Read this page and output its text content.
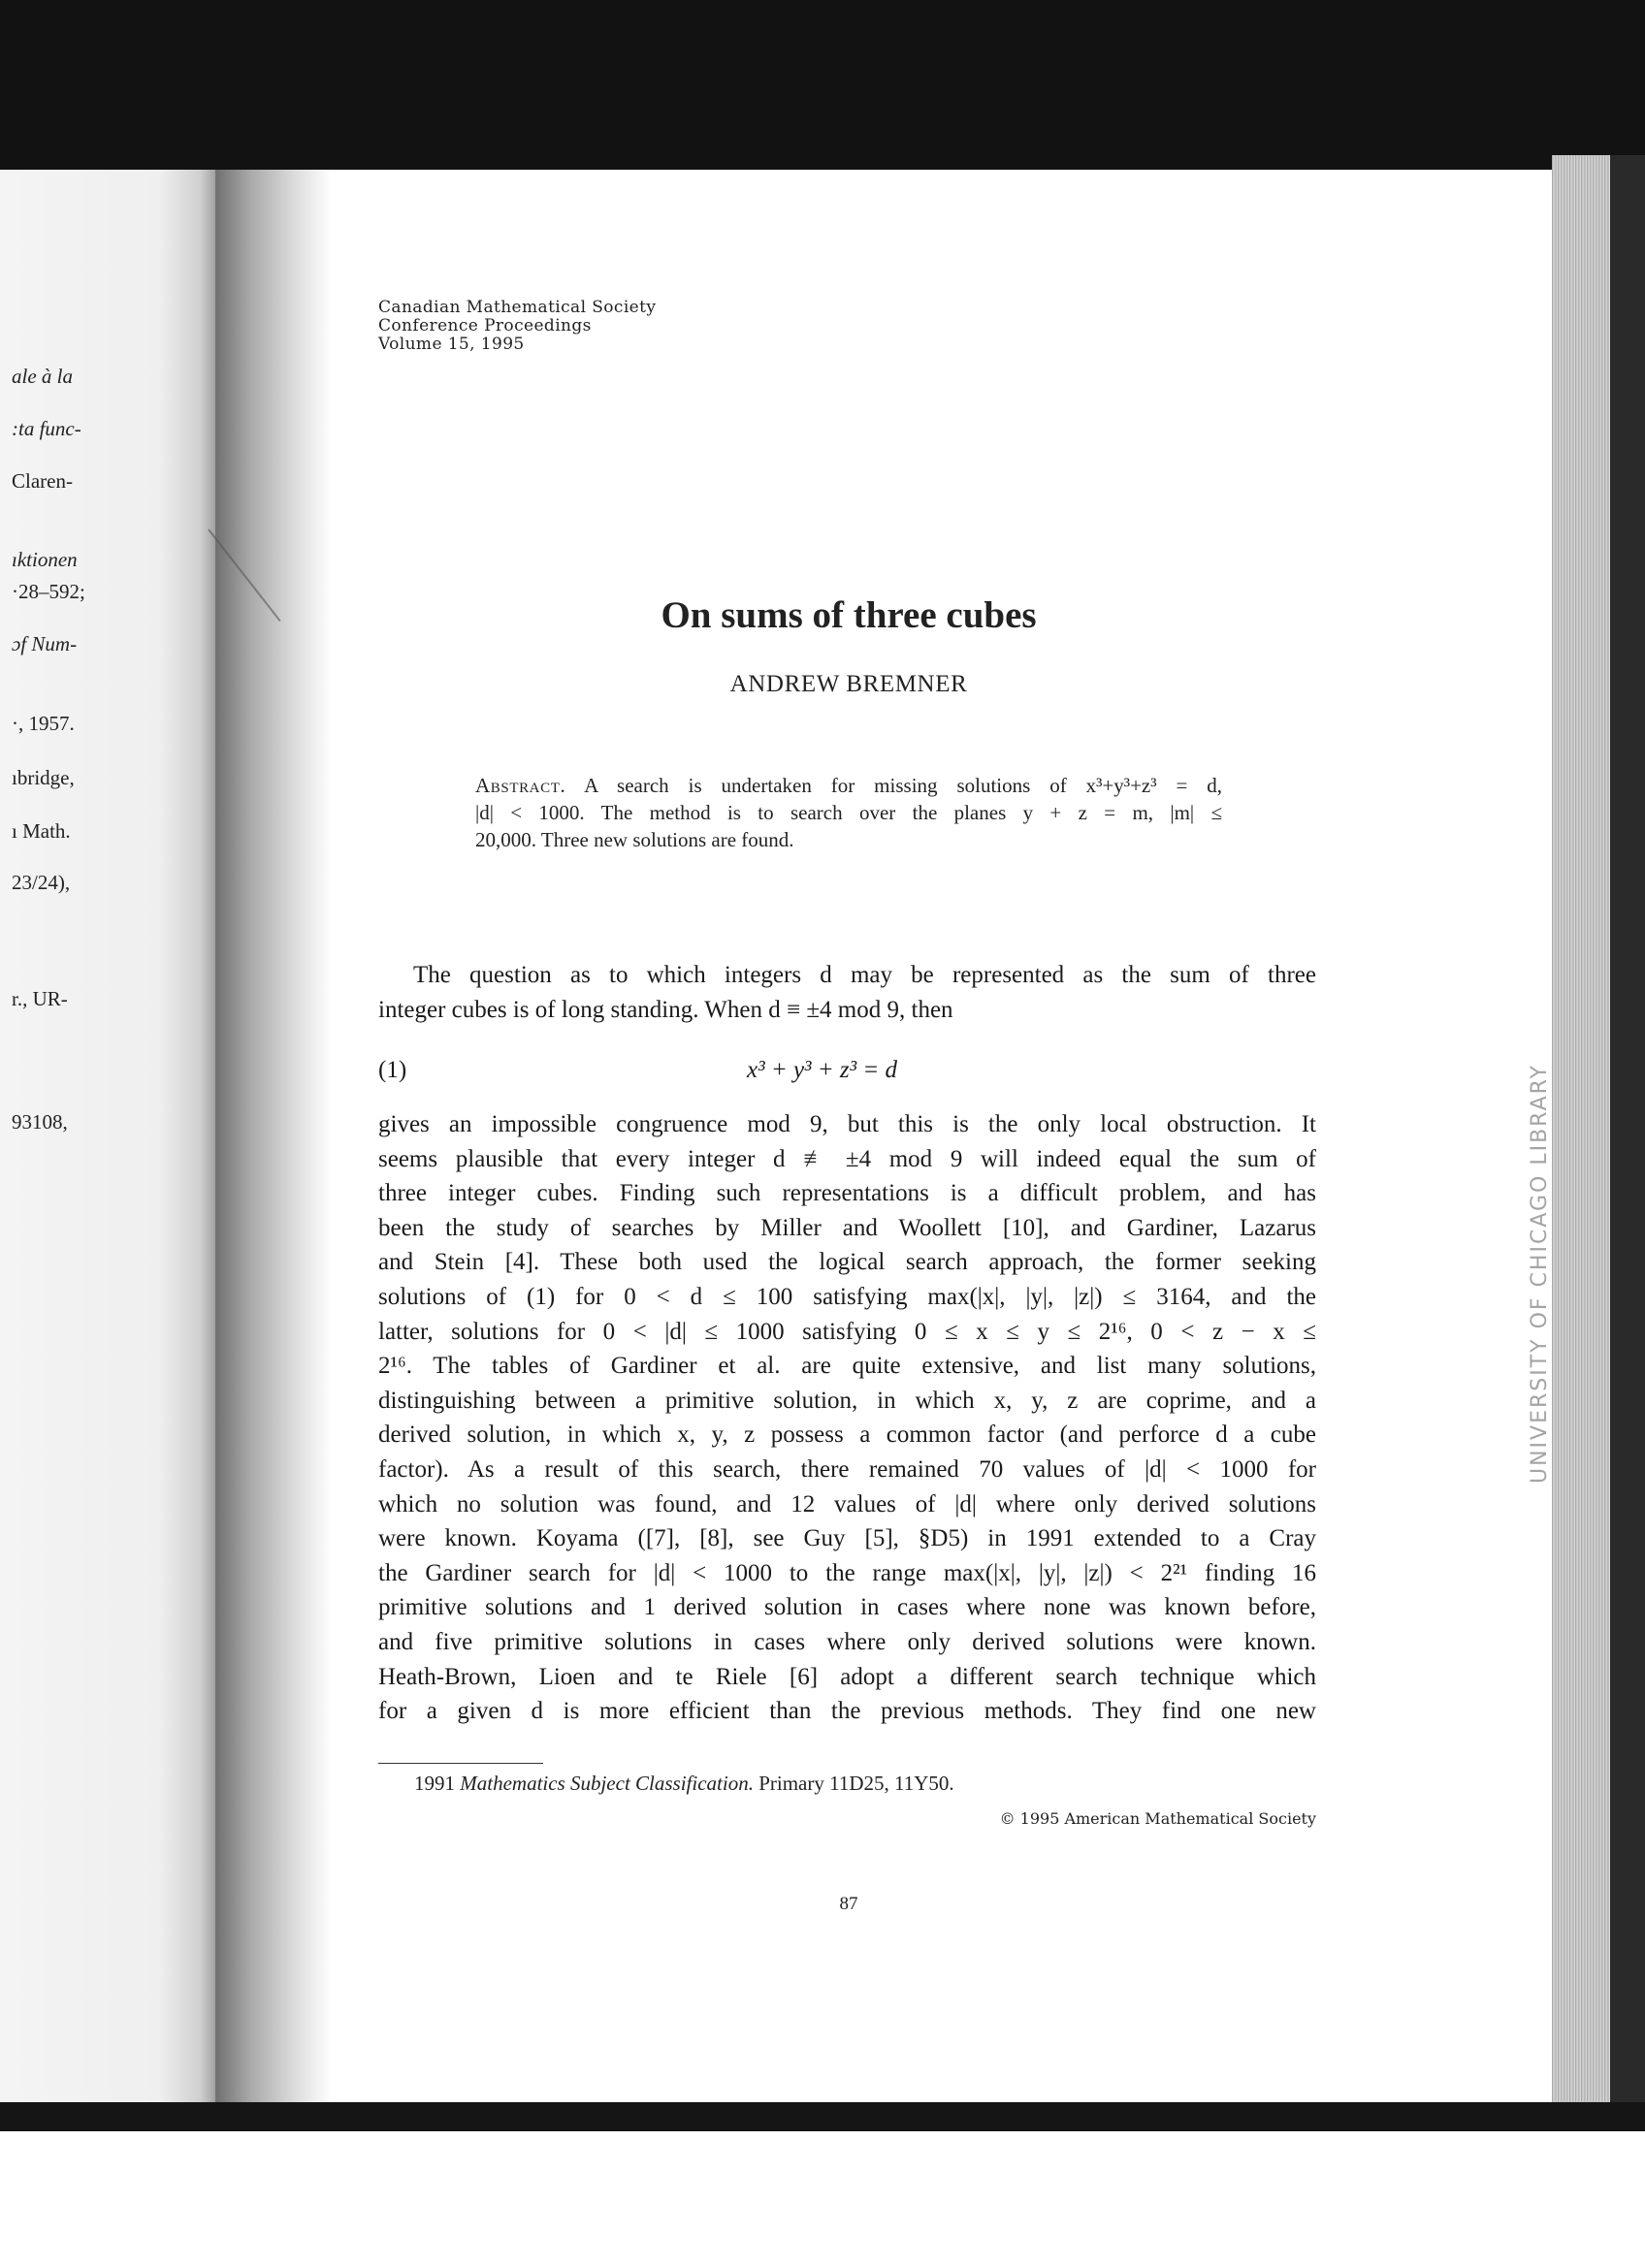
UNIVERSITY OF CHICAGO LIBRARY
ale à la
:ta func-
Claren-
ıktionen
·28–592;
ɔf Num-
·, 1957.
ıbridge,
ı Math.
23/24),
r., UR-
93108,
Canadian Mathematical Society
Conference Proceedings
Volume 15, 1995
On sums of three cubes
ANDREW BREMNER
Abstract. A search is undertaken for missing solutions of x³+y³+z³ = d,
|d| < 1000. The method is to search over the planes y + z = m, |m| ≤
20,000. Three new solutions are found.
The question as to which integers d may be represented as the sum of three
integer cubes is of long standing. When d ≡ ±4 mod 9, then
(1)	x³ + y³ + z³ = d
gives an impossible congruence mod 9, but this is the only local obstruction. It
seems plausible that every integer d ≢ ±4 mod 9 will indeed equal the sum of
three integer cubes. Finding such representations is a difficult problem, and has
been the study of searches by Miller and Woollett [10], and Gardiner, Lazarus
and Stein [4]. These both used the logical search approach, the former seeking
solutions of (1) for 0 < d ≤ 100 satisfying max(|x|, |y|, |z|) ≤ 3164, and the
latter, solutions for 0 < |d| ≤ 1000 satisfying 0 ≤ x ≤ y ≤ 2¹⁶, 0 < z − x ≤
2¹⁶. The tables of Gardiner et al. are quite extensive, and list many solutions,
distinguishing between a primitive solution, in which x, y, z are coprime, and a
derived solution, in which x, y, z possess a common factor (and perforce d a cube
factor). As a result of this search, there remained 70 values of |d| < 1000 for
which no solution was found, and 12 values of |d| where only derived solutions
were known. Koyama ([7], [8], see Guy [5], §D5) in 1991 extended to a Cray
the Gardiner search for |d| < 1000 to the range max(|x|, |y|, |z|) < 2²¹ finding 16
primitive solutions and 1 derived solution in cases where none was known before,
and five primitive solutions in cases where only derived solutions were known.
Heath-Brown, Lioen and te Riele [6] adopt a different search technique which
for a given d is more efficient than the previous methods. They find one new
1991 Mathematics Subject Classification. Primary 11D25, 11Y50.
© 1995 American Mathematical Society
87
